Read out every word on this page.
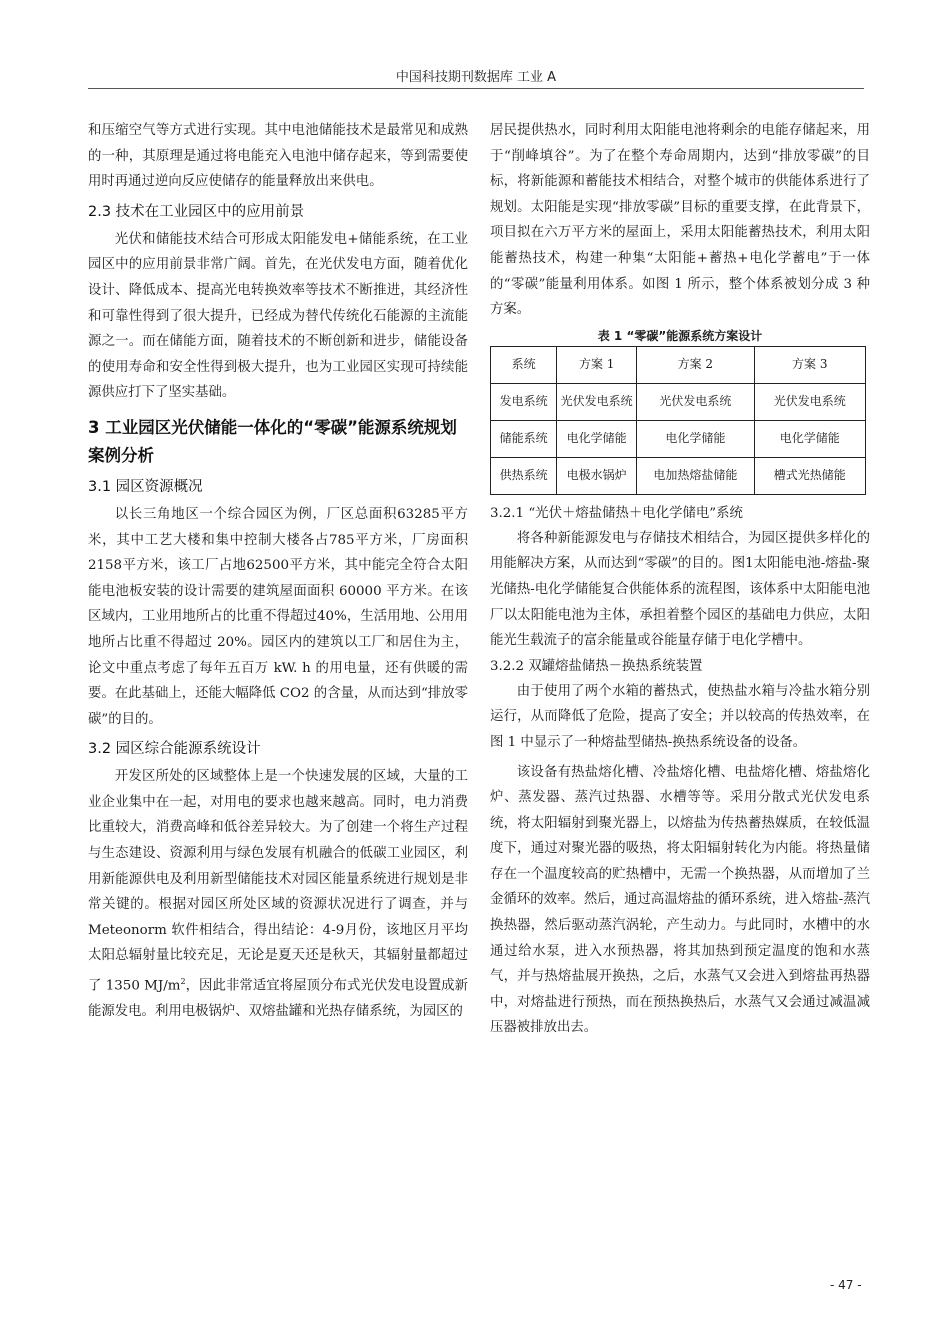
中国科技期刊数据库 工业 A

和压缩空气等方式进行实现。其中电池储能技术是最常见和成熟的一种，其原理是通过将电能充入电池中储存起来，等到需要使用时再通过逆向反应使储存的能量释放出来供电。

2.3 技术在工业园区中的应用前景

光伏和储能技术结合可形成太阳能发电+储能系统，在工业园区中的应用前景非常广阔。首先，在光伏发电方面，随着优化设计、降低成本、提高光电转换效率等技术不断推进，其经济性和可靠性得到了很大提升，已经成为替代传统化石能源的主流能源之一。而在储能方面，随着技术的不断创新和进步，储能设备的使用寿命和安全性得到极大提升，也为工业园区实现可持续能源供应打下了坚实基础。

3 工业园区光伏储能一体化的“零碳”能源系统规划案例分析
3.1 园区资源概况

以长三角地区一个综合园区为例，厂区总面积63285平方米，其中工艺大楼和集中控制大楼各占785平方米，厂房面积2158平方米，该工厂占地62500平方米，其中能完全符合太阳能电池板安装的设计需要的建筑屋面面积 60000 平方米。在该区域内，工业用地所占的比重不得超过40%，生活用地、公用用地所占比重不得超过 20%。园区内的建筑以工厂和居住为主，论文中重点考虑了每年五百万 kW. h 的用电量，还有供暖的需要。在此基础上，还能大幅降低 CO2 的含量，从而达到“排放零碳”的目的。

3.2 园区综合能源系统设计

开发区所处的区域整体上是一个快速发展的区域，大量的工业企业集中在一起，对用电的要求也越来越高。同时，电力消费比重较大，消费高峰和低谷差异较大。为了创建一个将生产过程与生态建设、资源利用与绿色发展有机融合的低碳工业园区，利用新能源供电及利用新型储能技术对园区能量系统进行规划是非常关键的。根据对园区所处区域的资源状况进行了调查，并与 Meteonorm 软件相结合，得出结论：4-9月份，该地区月平均太阳总辐射量比较充足，无论是夏天还是秋天，其辐射量都超过了 1350 $MJ/m^2$，因此非常适宜将屋顶分布式光伏发电设置成新能源发电。利用电极锅炉、双熔盐罐和光热存储系统，为园区的

居民提供热水，同时利用太阳能电池将剩余的电能存储起来，用于“削峰填谷”。为了在整个寿命周期内，达到“排放零碳”的目标，将新能源和蓄能技术相结合，对整个城市的供能体系进行了规划。太阳能是实现“排放零碳”目标的重要支撑，在此背景下，项目拟在六万平方米的屋面上，采用太阳能蓄热技术，利用太阳能蓄热技术，构建一种集“太阳能+蓄热+电化学蓄电”于一体的“零碳”能量利用体系。如图 1 所示，整个体系被划分成 3 种方案。

表 1 “零碳”能源系统方案设计
系统	方案 1	方案 2	方案 3
发电系统	光伏发电系统	光伏发电系统	光伏发电系统
储能系统	电化学储能	电化学储能	电化学储能
供热系统	电极水锅炉	电加热熔盐储能	槽式光热储能
3.2.1 “光伏＋熔盐储热＋电化学储电”系统

将各种新能源发电与存储技术相结合，为园区提供多样化的用能解决方案，从而达到“零碳”的目的。图1太阳能电池-熔盐-聚光储热-电化学储能复合供能体系的流程图，该体系中太阳能电池厂以太阳能电池为主体，承担着整个园区的基础电力供应，太阳能光生载流子的富余能量或谷能量存储于电化学槽中。

3.2.2 双罐熔盐储热－换热系统装置

由于使用了两个水箱的蓄热式，使热盐水箱与冷盐水箱分别运行，从而降低了危险，提高了安全；并以较高的传热效率，在图 1 中显示了一种熔盐型储热-换热系统设备的设备。

该设备有热盐熔化槽、冷盐熔化槽、电盐熔化槽、熔盐熔化炉、蒸发器、蒸汽过热器、水槽等等。采用分散式光伏发电系统，将太阳辐射到聚光器上，以熔盐为传热蓄热媒质，在较低温度下，通过对聚光器的吸热，将太阳辐射转化为内能。将热量储存在一个温度较高的贮热槽中，无需一个换热器，从而增加了兰金循环的效率。然后，通过高温熔盐的循环系统，进入熔盐-蒸汽换热器，然后驱动蒸汽涡轮，产生动力。与此同时，水槽中的水通过给水泵，进入水预热器，将其加热到预定温度的饱和水蒸气，并与热熔盐展开换热，之后，水蒸气又会进入到熔盐再热器中，对熔盐进行预热，而在预热换热后，水蒸气又会通过减温减压器被排放出去。

- 47 -
